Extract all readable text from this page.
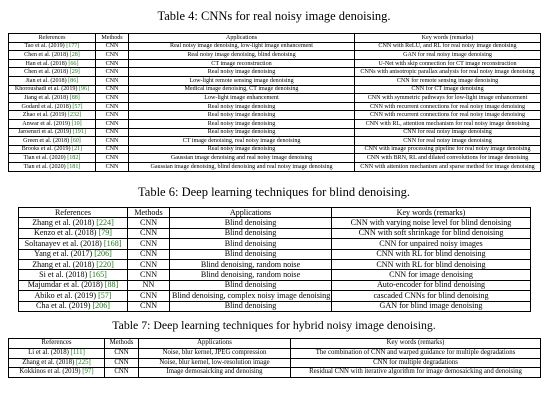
Table 4: CNNs for real noisy image denoising.
References	Methods	Applications	Key words (remarks)
Tao et al. (2019) [177]	CNN	Real noisy image denoising, low-light image enhancement	CNN with ReLU, and RL for real noisy image denoising
Chen et al. (2018) [28]	CNN	Real noisy image denoising, blind denoising	GAN for real noisy image denoising
Han et al. (2018) [66]	CNN	CT image reconstruction	U-Net with skip connection for CT image reconstruction
Chen et al. (2018) [29]	CNN	Real noisy image denoising	CNNs with anisotropic parallax analysis for real noisy image denoising
Jian et al. (2018) [86]	CNN	Low-light remote sensing image denoising	CNN for remote sensing image denoising
Khoroushadi et al. (2019) [96]	CNN	Medical image denoising, CT image denoising	CNN for CT image denoising
Jiang et al. (2018) [88]	CNN	Low-light image enhancement	CNN with symmetric pathways for low-light image enhancement
Godard et al. (2018) [57]	CNN	Real noisy image denoising	CNN with recurrent connections for real noisy image denoising
Zhao et al. (2019) [232]	CNN	Real noisy image denoising	CNN with recurrent connections for real noisy image denoising
Anwar et al. (2019) [10]	CNN	Real noisy image denoising	CNN with RL, attention mechanism for real noisy image denoising
Jaroensri et al. (2019) [191]	CNN	Real noisy image denoising	CNN for real noisy image denoising
Green et al. (2018) [60]	CNN	CT image denoising, real noisy image denoising	CNN for real noisy image denoising
Brooks et al. (2019) [21]	CNN	Real noisy image denoising	CNN with image processing pipeline for real noisy image denoising
Tian et al. (2020) [182]	CNN	Gaussian image denoising and real noisy image denoising	CNN with BRN, RL and dilated convolutions for image denoising
Tian et al. (2020) [181]	CNN	Gaussian image denoising, blind denoising and real noisy image denoising	CNN with attention mechanism and sparse method for image denoising
Table 6: Deep learning techniques for blind denoising.
References	Methods	Applications	Key words (remarks)
Zhang et al. (2018) [224]	CNN	Blind denoising	CNN with varying noise level for blind denoising
Kenzo et al. (2018) [79]	CNN	Blind denoising	CNN with soft shrinkage for blind denoising
Soltanayev et al. (2018) [168]	CNN	Blind denoising	CNN for unpaired noisy images
Yang et al. (2017) [206]	CNN	Blind denoising	CNN with RL for blind denoising
Zhang et al. (2018) [220]	CNN	Blind denoising, random noise	CNN with RL for blind denoising
Si et al. (2018) [165]	CNN	Blind denoising, random noise	CNN for image denoising
Majumdar et al. (2018) [88]	NN	Blind denoising	Auto-encoder for blind denoising
Abiko et al. (2019) [57]	CNN	Blind denoising, complex noisy image denoising	cascaded CNNs for blind denoising
Cha et al. (2019) [206]	CNN	Blind denoising	GAN for blind image denoising
Table 7: Deep learning techniques for hybrid noisy image denoising.
References	Methods	Applications	Key words (remarks)
Li et al. (2018) [111]	CNN	Noise, blur kernel, JPEG compression	The combination of CNN and warped guidance for multiple degradations
Zhang et al. (2018) [225]	CNN	Noise, blur kernel, low-resolution image	CNN for multiple degradations
Kokkinos et al. (2019) [97]	CNN	Image demosaicking and denoising	Residual CNN with iterative algorithm for image demosaicking and denoising
